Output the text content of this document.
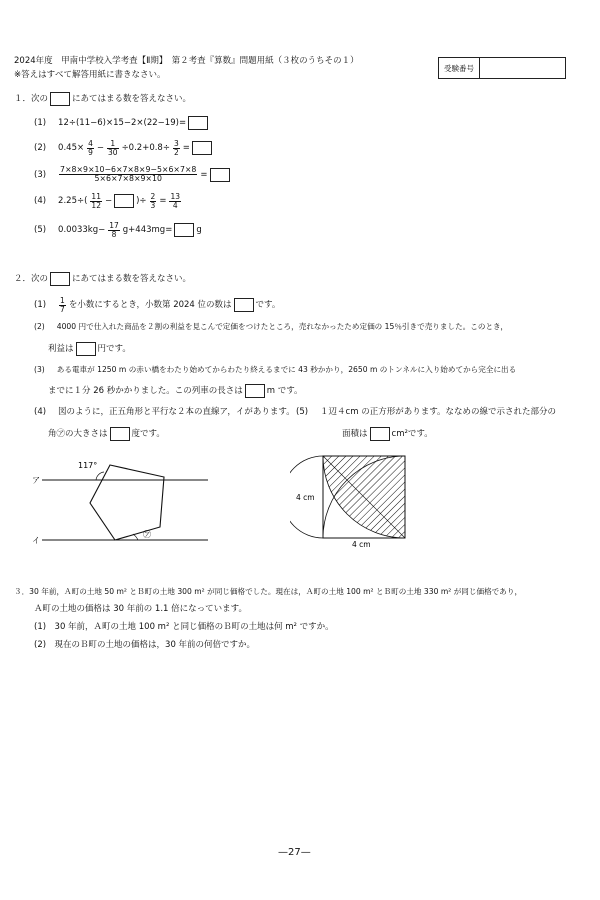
2024年度　甲南中学校入学考査【Ⅱ期】　第２考査『算数』問題用紙（３枚のうちその１）
※答えはすべて解答用紙に書きなさい。
受験番号
１．次の	にあてはまる数を答えなさい。
(1) 12÷(11−6)×15−2×(22−19)=
(2) $0.45\times \frac{4}{9} - \frac{1}{30} \div 0.2+0.8\div \frac{3}{2}$ =
$(3) \frac{7\times 8\times 9\times 10-6\times 7\times 8\times 9-5\times 6\times 7\times 8}{5\times 6\times 7\times 8\times 9\times 10}$ =
(4) $2.25\div( \frac{11}{12}$ −	)÷ $\frac{2}{3} = \frac{13}{4}$
(5) $0.0033kg- \frac{17}{8} g+443mg=$	g
２．次の	にあてはまる数を答えなさい。
$(1) \frac{1}{7}$ を小数にするとき，小数第 2024 位の数は	です。
(2) 4000 円で仕入れた商品を２割の利益を見こんで定価をつけたところ，売れなかったため定価の 15％引きで売りました。このとき，
利益は	円です。
(3) ある電車が 1250 m の赤い橋をわたり始めてからわたり終えるまでに 43 秒かかり，2650 m のトンネルに入り始めてから完全に出る
までに１分 26 秒かかりました。この列車の長さは	m です。
(4) 図のように，正五角形と平行な２本の直線ア，イがあります。
角㋐の大きさは	度です。
(5) １辺４cm の正方形があります。ななめの線で示された部分の
面積は	cm²です。
117°
ア
イ
㋐
4 cm
4 cm
３．30 年前，Ａ町の土地 50 m² とＢ町の土地 300 m² が同じ価格でした。現在は，Ａ町の土地 100 m² とＢ町の土地 330 m² が同じ価格であり，
Ａ町の土地の価格は 30 年前の 1.1 倍になっています。
(1)　30 年前，Ａ町の土地 100 m² と同じ価格のＢ町の土地は何 m² ですか。
(2)　現在のＢ町の土地の価格は，30 年前の何倍ですか。
—27—
